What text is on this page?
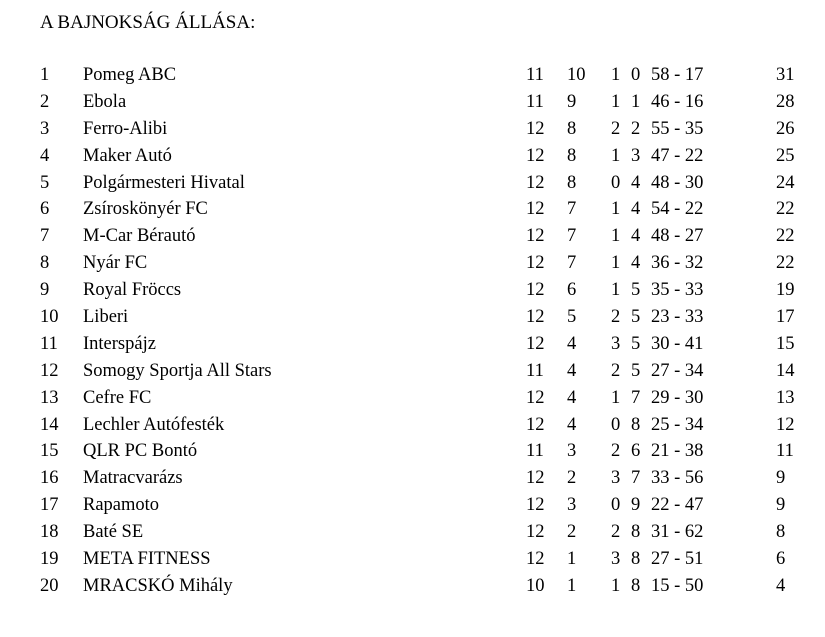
A BAJNOKSÁG ÁLLÁSA:
1 Pomeg ABC	11 10 1 0 58 - 17	31
2 Ebola	11 9 1 1 46 - 16	28
3 Ferro-Alibi	12 8 2 2 55 - 35	26
4 Maker Autó	12 8 1 3 47 - 22	25
5 Polgármesteri Hivatal	12 8 0 4 48 - 30	24
6 Zsíroskönyér FC	12 7 1 4 54 - 22	22
7 M-Car Bérautó	12 7 1 4 48 - 27	22
8 Nyár FC	12 7 1 4 36 - 32	22
9 Royal Fröccs	12 6 1 5 35 - 33	19
10 Liberi	12 5 2 5 23 - 33	17
11 Interspájz	12 4 3 5 30 - 41	15
12 Somogy Sportja All Stars	11 4 2 5 27 - 34	14
13 Cefre FC	12 4 1 7 29 - 30	13
14 Lechler Autófesték	12 4 0 8 25 - 34	12
15 QLR PC Bontó	11 3 2 6 21 - 38	11
16 Matracvarázs	12 2 3 7 33 - 56	9
17 Rapamoto	12 3 0 9 22 - 47	9
18 Baté SE	12 2 2 8 31 - 62	8
19 META FITNESS	12 1 3 8 27 - 51	6
20 MRACSKÓ Mihály	10 1 1 8 15 - 50	4
